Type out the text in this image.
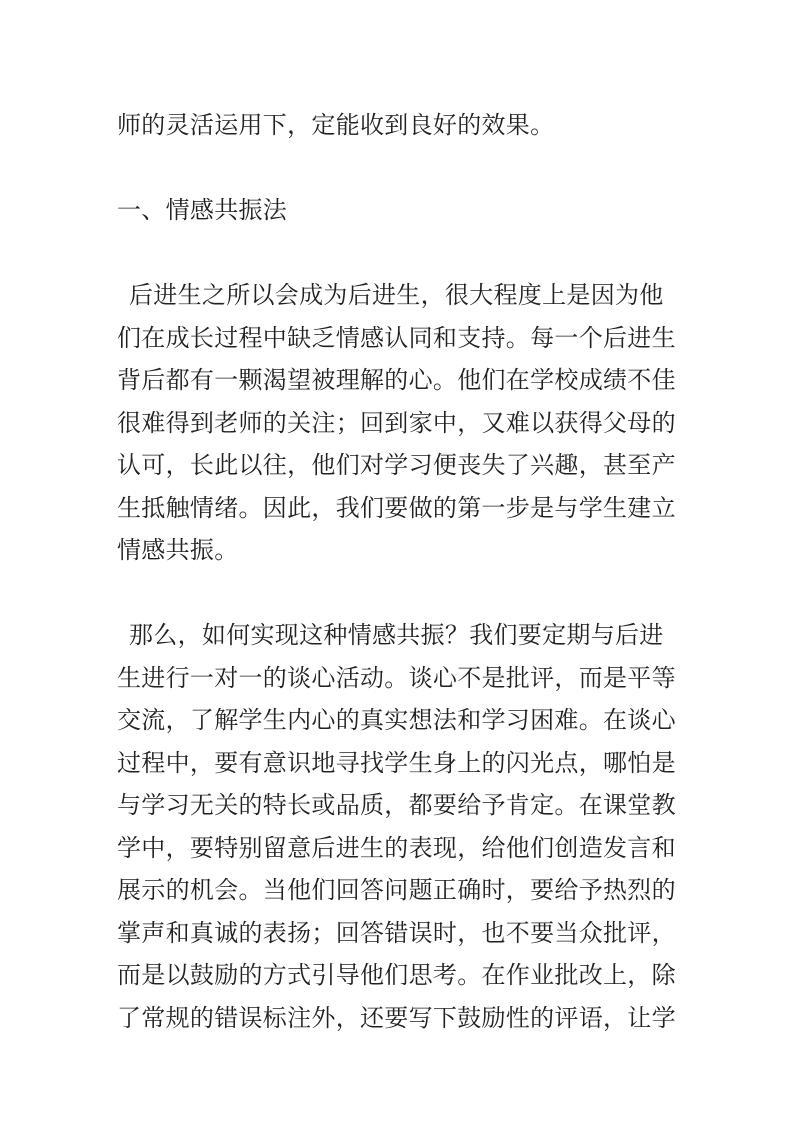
师的灵活运用下，定能收到良好的效果。
一、情感共振法
后进生之所以会成为后进生，很大程度上是因为他
们在成长过程中缺乏情感认同和支持。每一个后进生
背后都有一颗渴望被理解的心。他们在学校成绩不佳
很难得到老师的关注；回到家中，又难以获得父母的
认可，长此以往，他们对学习便丧失了兴趣，甚至产
生抵触情绪。因此，我们要做的第一步是与学生建立
情感共振。
那么，如何实现这种情感共振？我们要定期与后进
生进行一对一的谈心活动。谈心不是批评，而是平等
交流，了解学生内心的真实想法和学习困难。在谈心
过程中，要有意识地寻找学生身上的闪光点，哪怕是
与学习无关的特长或品质，都要给予肯定。在课堂教
学中，要特别留意后进生的表现，给他们创造发言和
展示的机会。当他们回答问题正确时，要给予热烈的
掌声和真诚的表扬；回答错误时，也不要当众批评，
而是以鼓励的方式引导他们思考。在作业批改上，除
了常规的错误标注外，还要写下鼓励性的评语，让学
